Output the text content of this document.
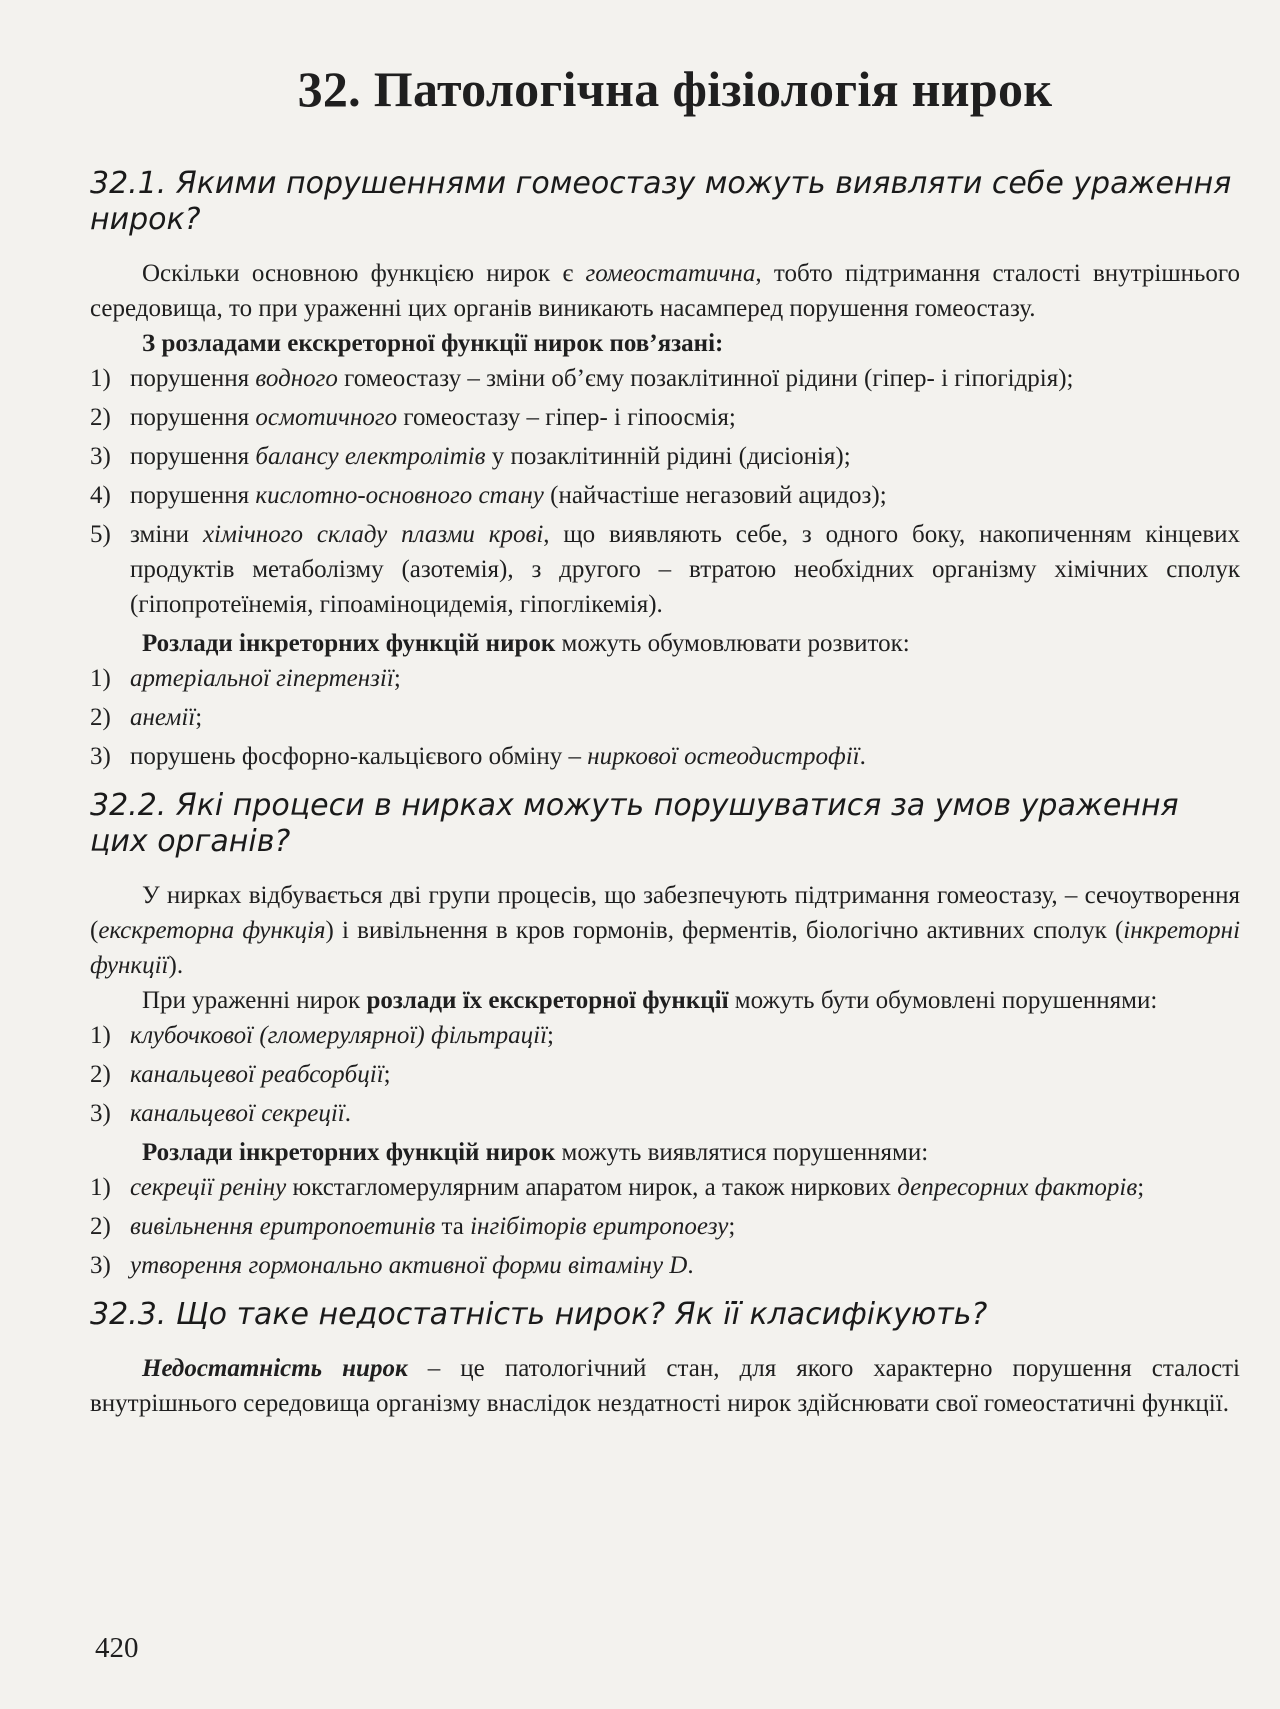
32. Патологічна фізіологія нирок
32.1. Якими порушеннями гомеостазу можуть виявляти себе ураження нирок?

Оскільки основною функцією нирок є гомеостатична, тобто підтримання сталості внутрішнього середовища, то при ураженні цих органів виникають насамперед порушення гомеостазу.

З розладами екскреторної функції нирок пов’язані:

1) порушення водного гомеостазу – зміни об’єму позаклітинної рідини (гіпер- і гіпогідрія);
2) порушення осмотичного гомеостазу – гіпер- і гіпоосмія;
3) порушення балансу електролітів у позаклітинній рідині (дисіонія);
4) порушення кислотно-основного стану (найчастіше негазовий ацидоз);
5) зміни хімічного складу плазми крові, що виявляють себе, з одного боку, накопиченням кінцевих продуктів метаболізму (азотемія), з другого – втратою необхідних організму хімічних сполук (гіпопротеїнемія, гіпоаміноцидемія, гіпоглікемія).

Розлади інкреторних функцій нирок можуть обумовлювати розвиток:

1) артеріальної гіпертензії;
2) анемії;
3) порушень фосфорно-кальцієвого обміну – ниркової остеодистрофії.
32.2. Які процеси в нирках можуть порушуватися за умов ураження цих органів?

У нирках відбувається дві групи процесів, що забезпечують підтримання гомеостазу, – сечоутворення (екскреторна функція) і вивільнення в кров гормонів, ферментів, біологічно активних сполук (інкреторні функції).

При ураженні нирок розлади їх екскреторної функції можуть бути обумовлені порушеннями:

1) клубочкової (гломерулярної) фільтрації;
2) канальцевої реабсорбції;
3) канальцевої секреції.

Розлади інкреторних функцій нирок можуть виявлятися порушеннями:

1) секреції реніну юкстагломерулярним апаратом нирок, а також ниркових депресорних факторів;
2) вивільнення еритропоетинів та інгібіторів еритропоезу;
3) утворення гормонально активної форми вітаміну D.
32.3. Що таке недостатність нирок? Як її класифікують?

Недостатність нирок – це патологічний стан, для якого характерно порушення сталості внутрішнього середовища організму внаслідок нездатності нирок здійснювати свої гомеостатичні функції.

420
